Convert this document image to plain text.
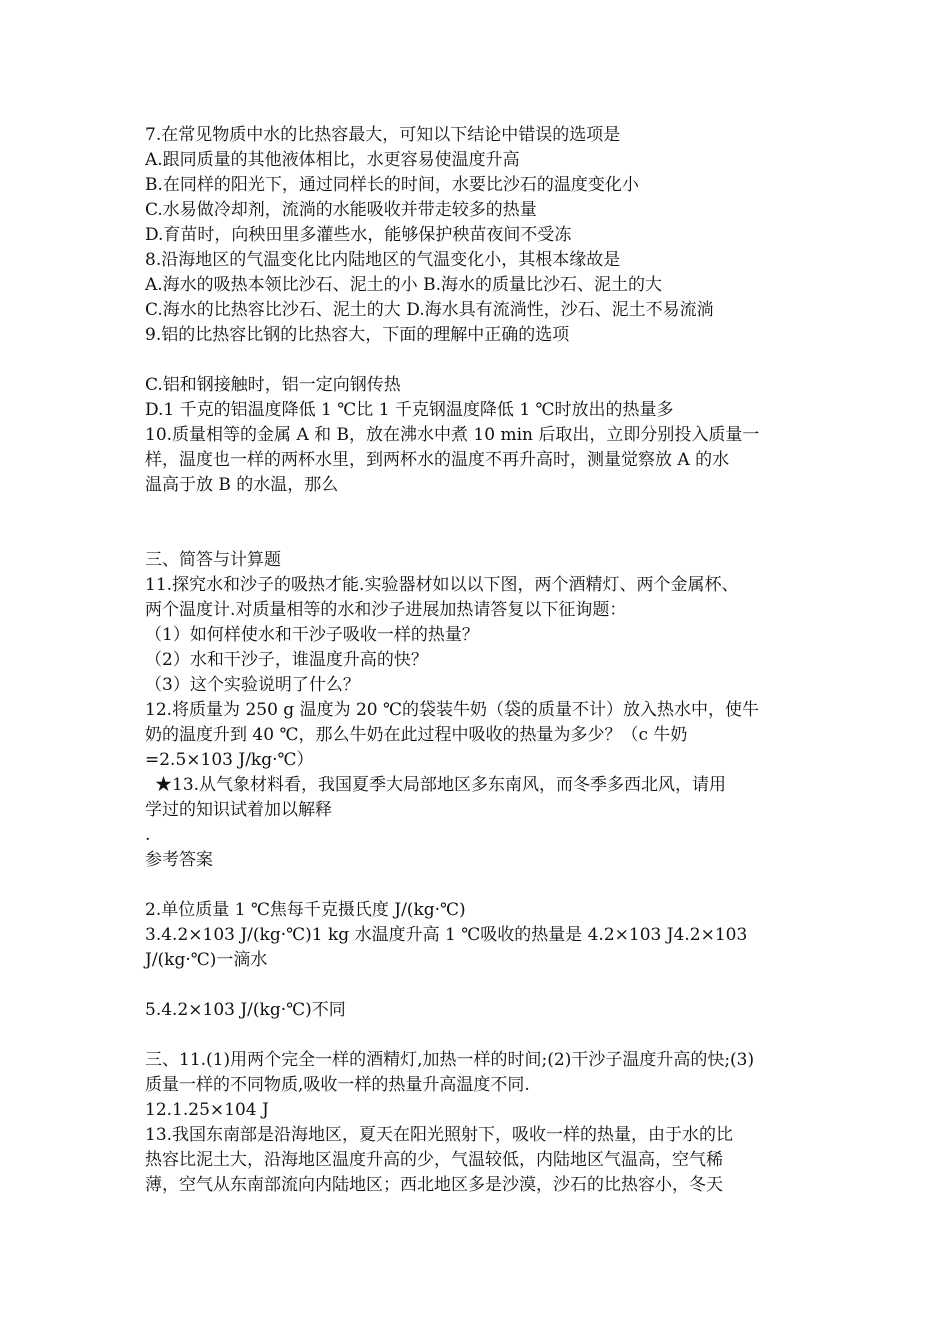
7.在常见物质中水的比热容最大，可知以下结论中错误的选项是
A.跟同质量的其他液体相比，水更容易使温度升高
B.在同样的阳光下，通过同样长的时间，水要比沙石的温度变化小
C.水易做冷却剂，流淌的水能吸收并带走较多的热量
D.育苗时，向秧田里多灌些水，能够保护秧苗夜间不受冻
8.沿海地区的气温变化比内陆地区的气温变化小，其根本缘故是
A.海水的吸热本领比沙石、泥土的小 B.海水的质量比沙石、泥土的大
C.海水的比热容比沙石、泥土的大 D.海水具有流淌性，沙石、泥土不易流淌
9.铝的比热容比钢的比热容大，下面的理解中正确的选项
C.铝和钢接触时，铝一定向钢传热
D.1 千克的铝温度降低 1 ℃比 1 千克钢温度降低 1 ℃时放出的热量多
10.质量相等的金属 A 和 B，放在沸水中煮 10 min 后取出，立即分别投入质量一
样，温度也一样的两杯水里，到两杯水的温度不再升高时，测量觉察放 A 的水
温高于放 B 的水温，那么
三、简答与计算题
11.探究水和沙子的吸热才能.实验器材如以以下图，两个酒精灯、两个金属杯、
两个温度计.对质量相等的水和沙子进展加热请答复以下征询题：
（1）如何样使水和干沙子吸收一样的热量？
（2）水和干沙子，谁温度升高的快？
（3）这个实验说明了什么？
12.将质量为 250 g 温度为 20 ℃的袋装牛奶（袋的质量不计）放入热水中，使牛
奶的温度升到 40 ℃，那么牛奶在此过程中吸收的热量为多少？（c 牛奶
=2.5×103 J/kg·℃）
★13.从气象材料看，我国夏季大局部地区多东南风，而冬季多西北风，请用
学过的知识试着加以解释
.
参考答案
2.单位质量 1 ℃焦每千克摄氏度 J/(kg·℃)
3.4.2×103 J/(kg·℃)1 kg 水温度升高 1 ℃吸收的热量是 4.2×103 J4.2×103
J/(kg·℃)一滴水
5.4.2×103 J/(kg·℃)不同
三、11.(1)用两个完全一样的酒精灯,加热一样的时间;(2)干沙子温度升高的快;(3)
质量一样的不同物质,吸收一样的热量升高温度不同.
12.1.25×104 J
13.我国东南部是沿海地区，夏天在阳光照射下，吸收一样的热量，由于水的比
热容比泥土大，沿海地区温度升高的少，气温较低，内陆地区气温高，空气稀
薄，空气从东南部流向内陆地区；西北地区多是沙漠，沙石的比热容小，冬天
